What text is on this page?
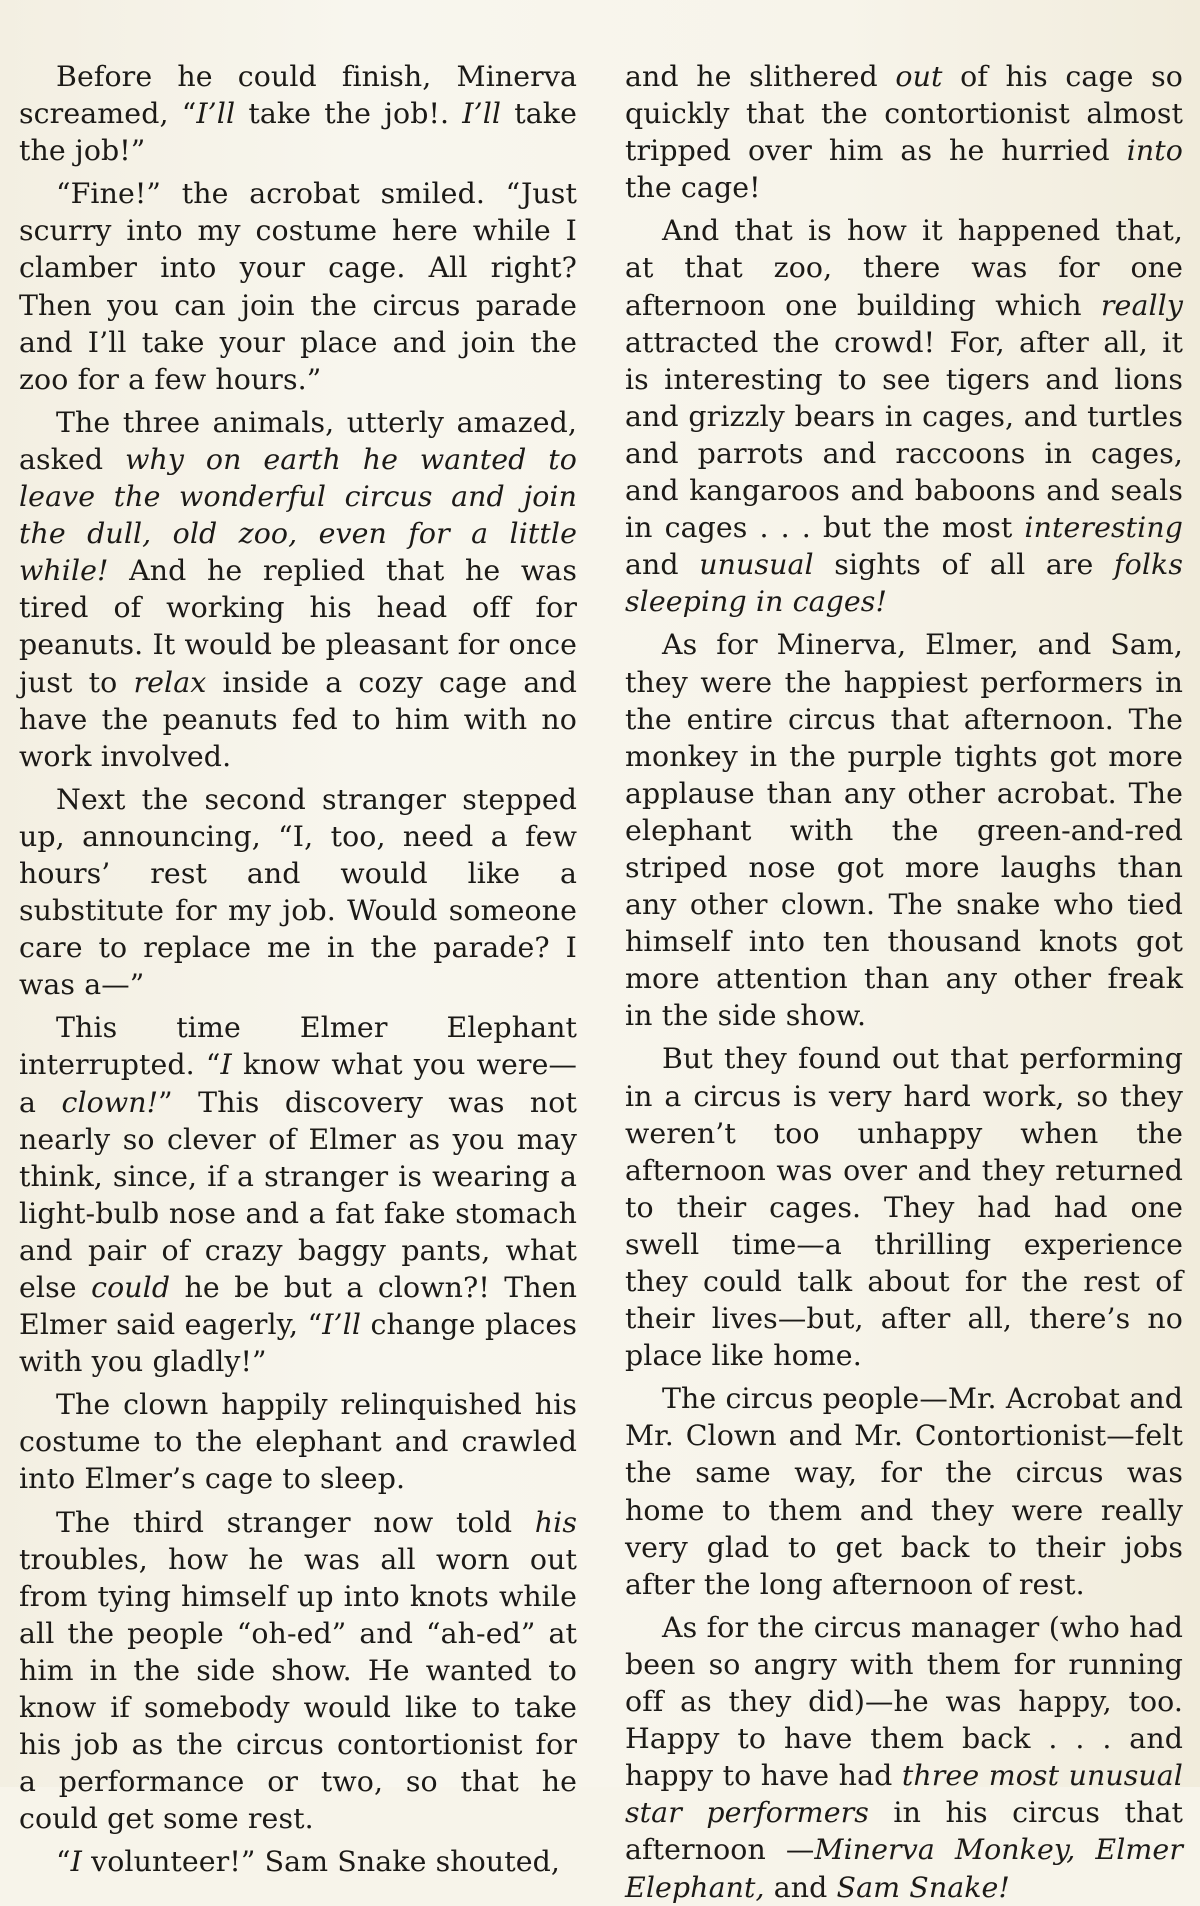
Before he could finish, Minerva screamed, “I’ll take the job!. I’ll take the job!”

“Fine!” the acrobat smiled. “Just scurry into my costume here while I clamber into your cage. All right? Then you can join the circus parade and I’ll take your place and join the zoo for a few hours.”

The three animals, utterly amazed, asked why on earth he wanted to leave the wonderful circus and join the dull, old zoo, even for a little while! And he replied that he was tired of working his head off for peanuts. It would be pleasant for once just to relax inside a cozy cage and have the peanuts fed to him with no work involved.

Next the second stranger stepped up, announcing, “I, too, need a few hours’ rest and would like a substitute for my job. Would someone care to replace me in the parade? I was a—”

This time Elmer Elephant interrupted. “I know what you were—a clown!” This discovery was not nearly so clever of Elmer as you may think, since, if a stranger is wearing a light-bulb nose and a fat fake stomach and pair of crazy baggy pants, what else could he be but a clown?! Then Elmer said eagerly, “I’ll change places with you gladly!”

The clown happily relinquished his costume to the elephant and crawled into Elmer’s cage to sleep.

The third stranger now told his troubles, how he was all worn out from tying himself up into knots while all the people “oh-ed” and “ah-ed” at him in the side show. He wanted to know if somebody would like to take his job as the circus contortionist for a performance or two, so that he could get some rest.

“I volunteer!” Sam Snake shouted,

and he slithered out of his cage so quickly that the contortionist almost tripped over him as he hurried into the cage!

And that is how it happened that, at that zoo, there was for one afternoon one building which really attracted the crowd! For, after all, it is interesting to see tigers and lions and grizzly bears in cages, and turtles and parrots and raccoons in cages, and kangaroos and baboons and seals in cages . . . but the most interesting and unusual sights of all are folks sleeping in cages!

As for Minerva, Elmer, and Sam, they were the happiest performers in the entire circus that afternoon. The monkey in the purple tights got more applause than any other acrobat. The elephant with the green-and-red striped nose got more laughs than any other clown. The snake who tied himself into ten thousand knots got more attention than any other freak in the side show.

But they found out that performing in a circus is very hard work, so they weren’t too unhappy when the afternoon was over and they returned to their cages. They had had one swell time—a thrilling experience they could talk about for the rest of their lives—but, after all, there’s no place like home.

The circus people—Mr. Acrobat and Mr. Clown and Mr. Contortionist—felt the same way, for the circus was home to them and they were really very glad to get back to their jobs after the long afternoon of rest.

As for the circus manager (who had been so angry with them for running off as they did)—he was happy, too. Happy to have them back . . . and happy to have had three most unusual star performers in his circus that afternoon —Minerva Monkey, Elmer Elephant, and Sam Snake!
